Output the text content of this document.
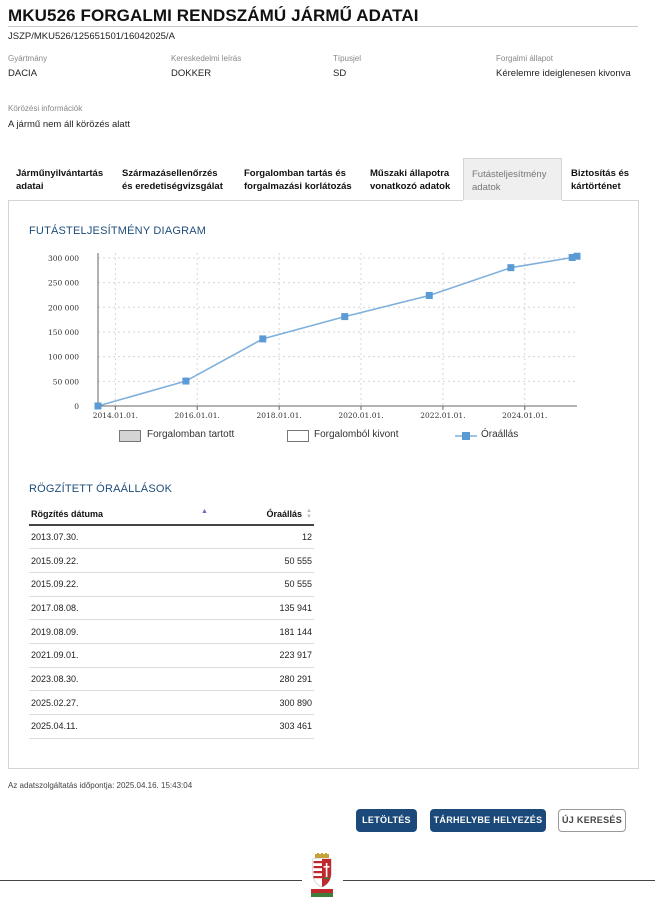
MKU526 FORGALMI RENDSZÁMÚ JÁRMŰ ADATAI
JSZP/MKU526/125651501/16042025/A
Gyártmány
DACIA
Kereskedelmi leírás
DOKKER
Típusjel
SD
Forgalmi állapot
Kérelemre ideiglenesen kivonva
Körözési információk
A jármű nem áll körözés alatt
Járműnyilvántartás
adatai
Származásellenőrzés
és eredetiségvizsgálat
Forgalomban tartás és
forgalmazási korlátozás
Műszaki állapotra
vonatkozó adatok
Futásteljesítmény
adatok
Biztosítás és
kártörténet
FUTÁSTELJESÍTMÉNY DIAGRAM
0
50 000
100 000
150 000
200 000
250 000
300 000
2014.01.01.	2016.01.01.	2018.01.01.	2020.01.01.	2022.01.01.	2024.01.01.
Forgalomban tartott	Forgalomból kivont	Óraállás
RÖGZÍTETT ÓRAÁLLÁSOK
Rögzítés dátuma ▲	Óraállás ▲
▼

2013.07.30.	12
2015.09.22.	50 555
2015.09.22.	50 555
2017.08.08.	135 941
2019.08.09.	181 144
2021.09.01.	223 917
2023.08.30.	280 291
2025.02.27.	300 890
2025.04.11.	303 461
Az adatszolgáltatás időpontja: 2025.04.16. 15:43:04
LETÖLTÉS	TÁRHELYBE HELYEZÉS	ÚJ KERESÉS
